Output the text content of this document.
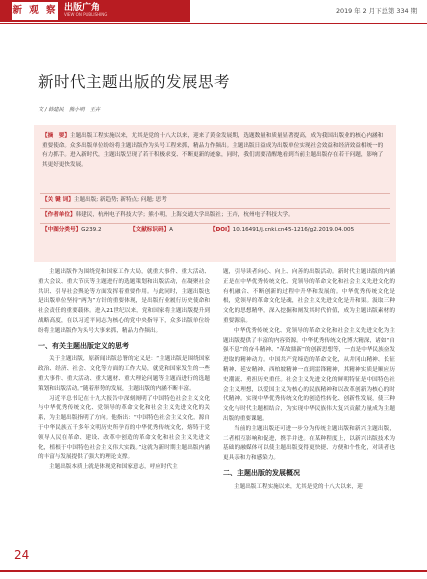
新 观 察 出版广角
VIEW ON PUBLISHING	2019 年 2 月下总第 334 期
新时代主题出版的发展思考
文 / 韩建民　熊小明　王卉
【摘　要】主题出版工程实施以来，尤其是党的十八大以来，迎来了黄金发展期，选题数量和质量显著提高，成为我国出版业的核心内涵和重要使命。众多出版单位纷纷将主题出版作为头号工程来抓，精品力作频出。主题出版日益成为出版单位实现社会效益和经济效益相统一的有力抓手。进入新时代，主题出版呈现了若干积极求变、不断更新的迹象，同时，我们需要清醒地看到当前主题出版存在若干问题，影响了其更好更快发展。
【关 键 词】主题出版; 新趋势; 新特点; 问题; 思考
【作者单位】韩建民，杭州电子科技大学；熊小明，上海交通大学出版社；王卉，杭州电子科技大学。
【中图分类号】G239.2	【文献标识码】A	【DOI】10.16491/j.cnki.cn45-1216/g2.2019.04.005

主题出版作为围绕党和国家工作大局，就重大事件、重大活动、重大会议、重大节庆等主题进行的选题策划和出版活动，在凝聚社会共识、引导社会舆论等方面发挥着重要作用。与此同时，主题出版也是出版单位坚持“两为”方针的重要体现，是出版行业履行历史使命和社会责任的重要载体。进入21世纪以来，党和国家将主题出版提升到战略高度，在以习近平同志为核心的党中央指导下，众多出版单位纷纷将主题出版作为头号大事来抓，精品力作频出。

一、有关主题出版定义的思考

关于主题出版，原新闻出版总署的定义是：“主题出版是围绕国家政治、经济、社会、文化等方面的工作大局，就党和国家发生的一些重大事件、重大活动、重大题材、重大理论问题等主题而进行的选题策划和出版活动。”随着形势的发展，主题出版的内涵不断丰富。

习近平总书记在十九大报告中深刻阐明了中国特色社会主义文化与中华优秀传统文化、党领导的革命文化和社会主义先进文化的关系，为主题出版指明了方向。他指出：“中国特色社会主义文化，源自于中华民族五千多年文明历史所孕育的中华优秀传统文化，熔铸于党领导人民在革命、建设、改革中创造的革命文化和社会主义先进文化，植根于中国特色社会主义伟大实践。”这就为新时期主题出版内涵的丰富与发展提供了强大的理论支撑。

主题出版本质上就是体现党和国家意志，呼应时代主

题，引导读者向心、向上、向善的出版活动。新时代主题出版的内涵正是在中华优秀传统文化、党领导的革命文化和社会主义先进文化的有机融合、不断创新的过程中升华和发展的。中华优秀传统文化是根，党领导的革命文化是魂，社会主义先进文化是升和果。汲取三种文化的思想精华，深入挖掘和阐发其时代价值，成为主题出版素材的重要源泉。

中华优秀传统文化、党领导的革命文化和社会主义先进文化为主题出版提供了丰富的内容资源。中华优秀传统文化博大精深，诸如“自强不息”的奋斗精神、“革故鼎新”的创新思想等，一直是中华民族奋发进取的精神动力。中国共产党缔造的革命文化，从井冈山精神、长征精神、延安精神、西柏坡精神一直到雷锋精神，其精神实质是顺应历史潮流、勇担历史重任。社会主义先进文化的鲜明特征是中国特色社会主义理想，以爱国主义为核心的民族精神和以改革创新为核心的时代精神。实现中华优秀传统文化的创造性转化、创新性发展，使三种文化与时代主题相结合，为实现中华民族伟大复兴贡献力量成为主题出版的重要课题。

当前的主题出版还可进一步分为传统主题出版和新兴主题出版，二者相互影响和促进，携手并进。在某种程度上，以新兴出版技术为基础的融媒体可以使主题出版变得更快捷、方便和个性化，对读者也更具亲和力和感染力。

二、主题出版的发展概况

主题出版工程实施以来，尤其是党的十八大以来，迎

24
